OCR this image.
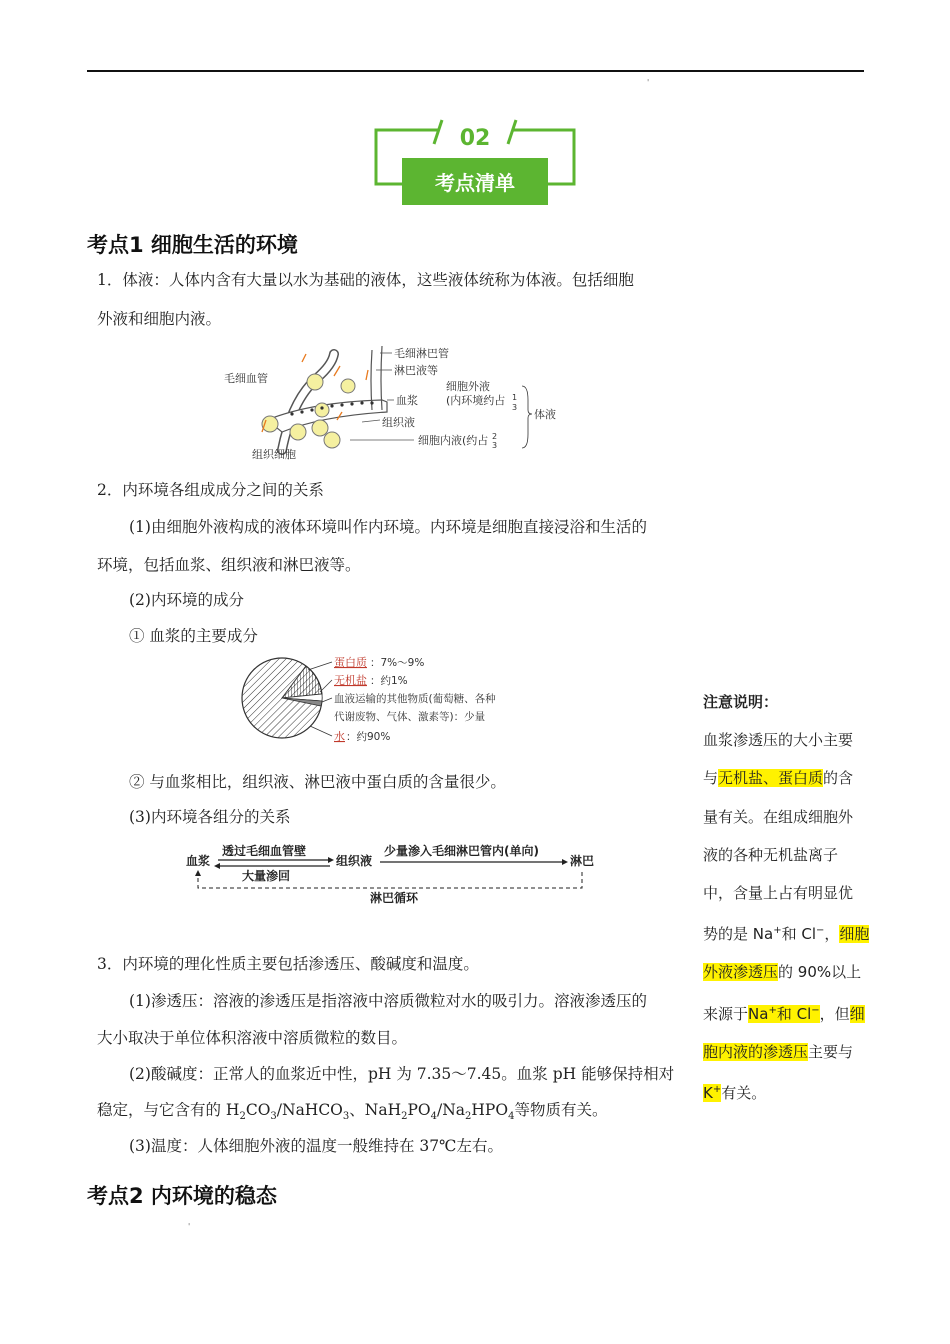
'
02
考点清单
考点1 细胞生活的环境
1．体液：人体内含有大量以水为基础的液体，这些液体统称为体液。包括细胞
外液和细胞内液。
毛细血管
毛细淋巴管
淋巴液等
细胞外液
(内环境约占 1
3
血浆
组织液
细胞内液(约占 2
3
体液
组织细胞
2．内环境各组成成分之间的关系
(1)由细胞外液构成的液体环境叫作内环境。内环境是细胞直接浸浴和生活的
环境，包括血浆、组织液和淋巴液等。
(2)内环境的成分
① 血浆的主要成分
蛋白质 ：7%～9%
无机盐 ：约1%
血液运输的其他物质(葡萄糖、各种
代谢废物、气体、激素等)：少量
水 ：约90%
② 与血浆相比，组织液、淋巴液中蛋白质的含量很少。
(3)内环境各组分的关系
血浆
透过毛细血管壁
大量渗回
组织液
少量渗入毛细淋巴管内(单向)
淋巴
淋巴循环
3．内环境的理化性质主要包括渗透压、酸碱度和温度。
(1)渗透压：溶液的渗透压是指溶液中溶质微粒对水的吸引力。溶液渗透压的
大小取决于单位体积溶液中溶质微粒的数目。
(2)酸碱度：正常人的血浆近中性，pH 为 7.35～7.45。血浆 pH 能够保持相对
稳定，与它含有的 $H_2CO_3/NaHCO_3$、$NaH_2PO_4/Na_2HPO_4$等物质有关。
(3)温度：人体细胞外液的温度一般维持在 37℃左右。
注意说明：
血浆渗透压的大小主要
与无机盐、蛋白质的含
量有关。在组成细胞外
液的各种无机盐离子
中，含量上占有明显优
势的是 Na+和 Cl−，细胞
外液渗透压的 90%以上
来源于Na+和 Cl−，但细
胞内液的渗透压主要与
K+有关。
考点2 内环境的稳态
'
